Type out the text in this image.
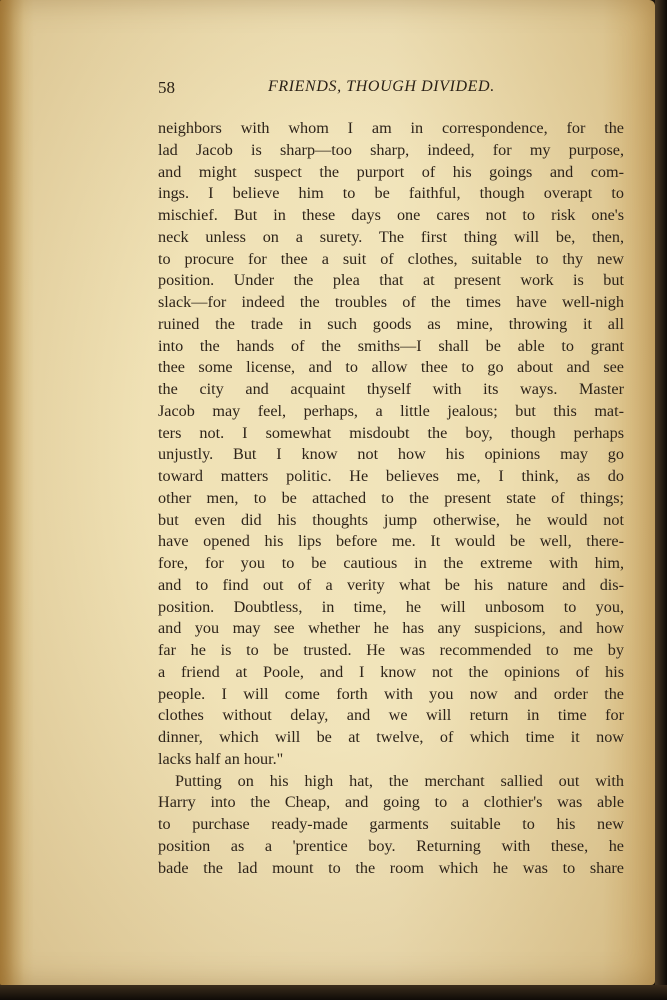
58	FRIENDS, THOUGH DIVIDED.
neighbors with whom I am in correspondence, for the
lad Jacob is sharp—too sharp, indeed, for my purpose,
and might suspect the purport of his goings and com-
ings. I believe him to be faithful, though overapt to
mischief. But in these days one cares not to risk one's
neck unless on a surety. The first thing will be, then,
to procure for thee a suit of clothes, suitable to thy new
position. Under the plea that at present work is but
slack—for indeed the troubles of the times have well-nigh
ruined the trade in such goods as mine, throwing it all
into the hands of the smiths—I shall be able to grant
thee some license, and to allow thee to go about and see
the city and acquaint thyself with its ways. Master
Jacob may feel, perhaps, a little jealous; but this mat-
ters not. I somewhat misdoubt the boy, though perhaps
unjustly. But I know not how his opinions may go
toward matters politic. He believes me, I think, as do
other men, to be attached to the present state of things;
but even did his thoughts jump otherwise, he would not
have opened his lips before me. It would be well, there-
fore, for you to be cautious in the extreme with him,
and to find out of a verity what be his nature and dis-
position. Doubtless, in time, he will unbosom to you,
and you may see whether he has any suspicions, and how
far he is to be trusted. He was recommended to me by
a friend at Poole, and I know not the opinions of his
people. I will come forth with you now and order the
clothes without delay, and we will return in time for
dinner, which will be at twelve, of which time it now
lacks half an hour."
Putting on his high hat, the merchant sallied out with
Harry into the Cheap, and going to a clothier's was able
to purchase ready-made garments suitable to his new
position as a 'prentice boy. Returning with these, he
bade the lad mount to the room which he was to share
